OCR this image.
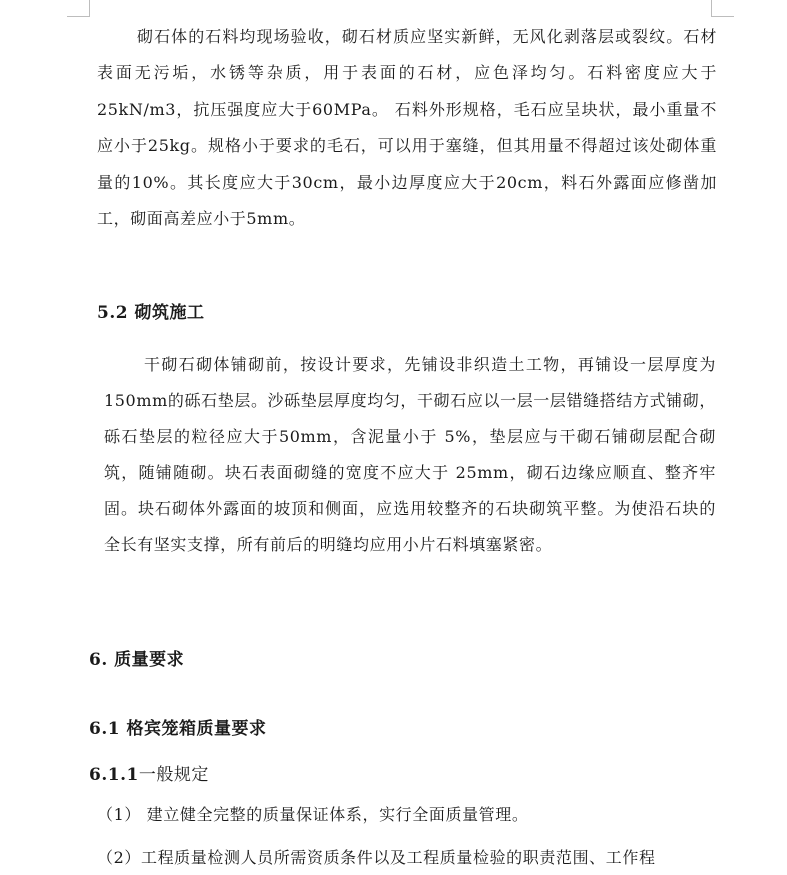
砌石体的石料均现场验收，砌石材质应坚实新鲜，无风化剥落层或裂纹。石材表面无污垢，水锈等杂质，用于表面的石材，应色泽均匀。石料密度应大于25kN/m3，抗压强度应大于60MPa。 石料外形规格，毛石应呈块状，最小重量不应小于25kg。规格小于要求的毛石，可以用于塞缝，但其用量不得超过该处砌体重量的10%。其长度应大于30cm，最小边厚度应大于20cm，料石外露面应修凿加工，砌面高差应小于5mm。

5.2 砌筑施工

干砌石砌体铺砌前，按设计要求，先铺设非织造土工物，再铺设一层厚度为150mm的砾石垫层。沙砾垫层厚度均匀，干砌石应以一层一层错缝搭结方式铺砌，砾石垫层的粒径应大于50mm，含泥量小于 5%，垫层应与干砌石铺砌层配合砌筑，随铺随砌。块石表面砌缝的宽度不应大于 25mm，砌石边缘应顺直、整齐牢固。块石砌体外露面的坡顶和侧面，应选用较整齐的石块砌筑平整。为使沿石块的全长有坚实支撑，所有前后的明缝均应用小片石料填塞紧密。

6. 质量要求
6.1 格宾笼箱质量要求
6.1.1一般规定

（1） 建立健全完整的质量保证体系，实行全面质量管理。

（2）工程质量检测人员所需资质条件以及工程质量检验的职责范围、工作程
